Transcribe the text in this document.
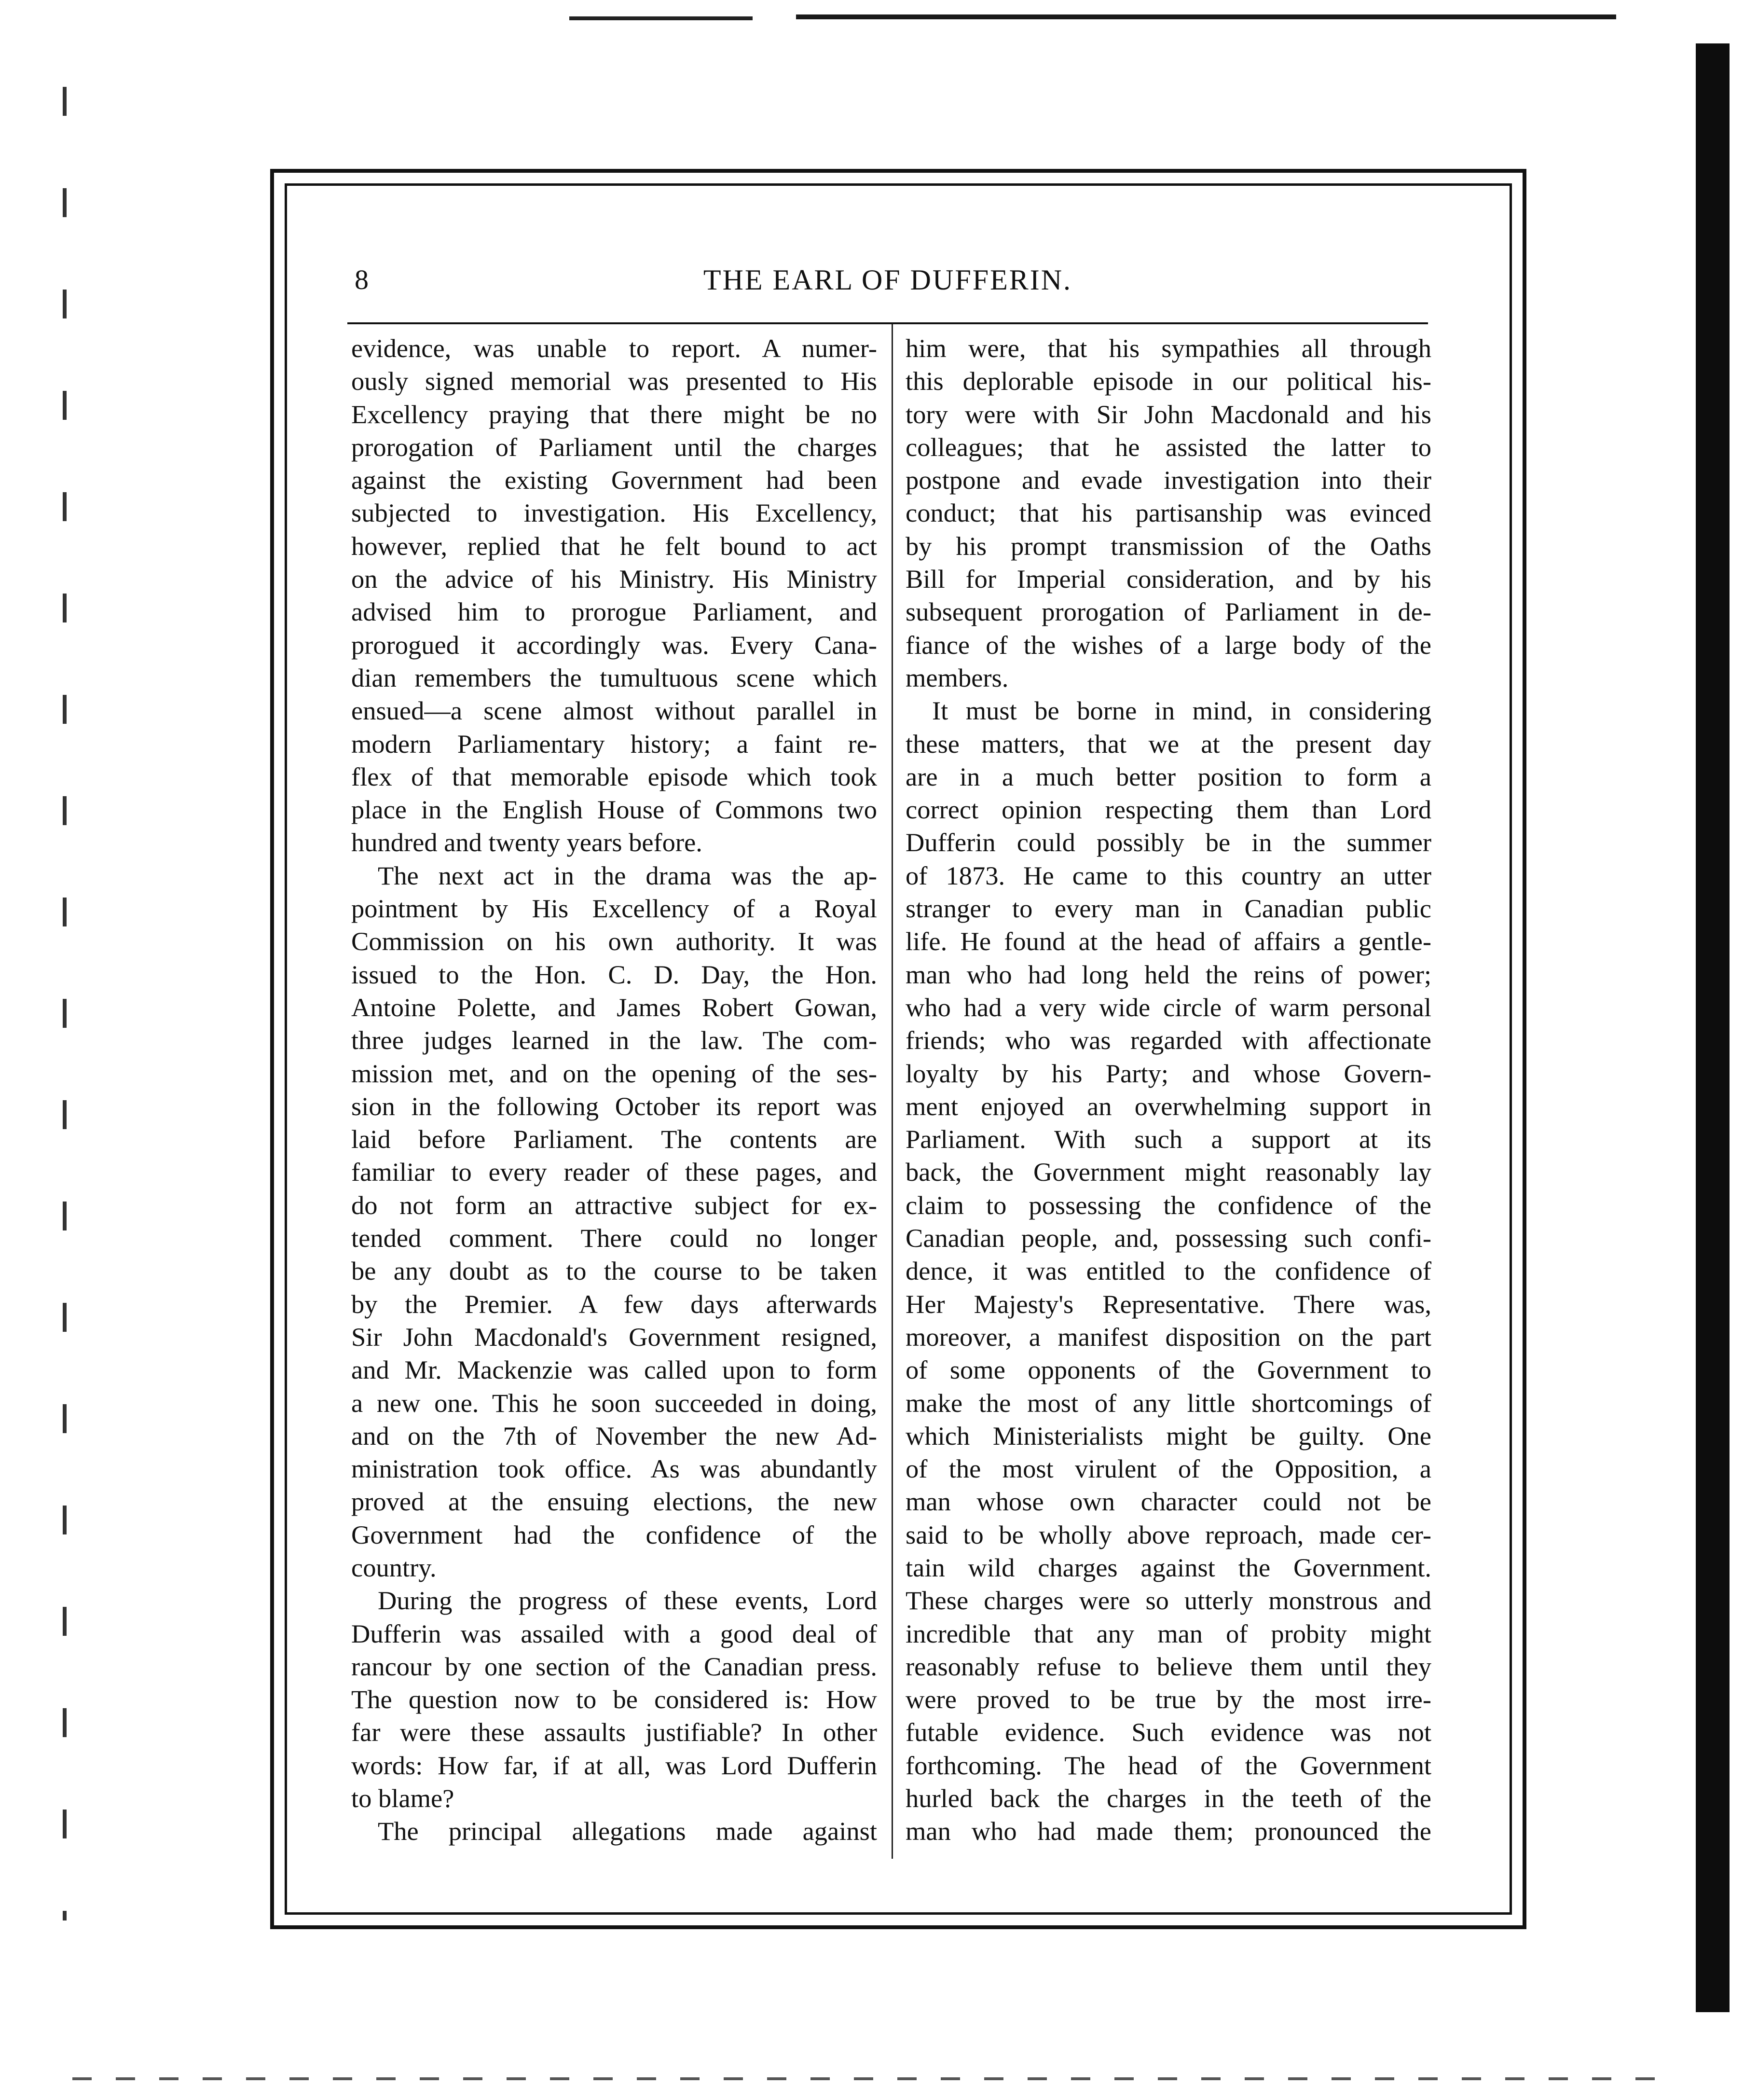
8	THE EARL OF DUFFERIN.
evidence, was unable to report. A numer-
ously signed memorial was presented to His
Excellency praying that there might be no
prorogation of Parliament until the charges
against the existing Government had been
subjected to investigation. His Excellency,
however, replied that he felt bound to act
on the advice of his Ministry. His Ministry
advised him to prorogue Parliament, and
prorogued it accordingly was. Every Cana-
dian remembers the tumultuous scene which
ensued—a scene almost without parallel in
modern Parliamentary history; a faint re-
flex of that memorable episode which took
place in the English House of Commons two
hundred and twenty years before.
The next act in the drama was the ap-
pointment by His Excellency of a Royal
Commission on his own authority. It was
issued to the Hon. C. D. Day, the Hon.
Antoine Polette, and James Robert Gowan,
three judges learned in the law. The com-
mission met, and on the opening of the ses-
sion in the following October its report was
laid before Parliament. The contents are
familiar to every reader of these pages, and
do not form an attractive subject for ex-
tended comment. There could no longer
be any doubt as to the course to be taken
by the Premier. A few days afterwards
Sir John Macdonald's Government resigned,
and Mr. Mackenzie was called upon to form
a new one. This he soon succeeded in doing,
and on the 7th of November the new Ad-
ministration took office. As was abundantly
proved at the ensuing elections, the new
Government had the confidence of the
country.
During the progress of these events, Lord
Dufferin was assailed with a good deal of
rancour by one section of the Canadian press.
The question now to be considered is: How
far were these assaults justifiable? In other
words: How far, if at all, was Lord Dufferin
to blame?
The principal allegations made against
him were, that his sympathies all through
this deplorable episode in our political his-
tory were with Sir John Macdonald and his
colleagues; that he assisted the latter to
postpone and evade investigation into their
conduct; that his partisanship was evinced
by his prompt transmission of the Oaths
Bill for Imperial consideration, and by his
subsequent prorogation of Parliament in de-
fiance of the wishes of a large body of the
members.
It must be borne in mind, in considering
these matters, that we at the present day
are in a much better position to form a
correct opinion respecting them than Lord
Dufferin could possibly be in the summer
of 1873. He came to this country an utter
stranger to every man in Canadian public
life. He found at the head of affairs a gentle-
man who had long held the reins of power;
who had a very wide circle of warm personal
friends; who was regarded with affectionate
loyalty by his Party; and whose Govern-
ment enjoyed an overwhelming support in
Parliament. With such a support at its
back, the Government might reasonably lay
claim to possessing the confidence of the
Canadian people, and, possessing such confi-
dence, it was entitled to the confidence of
Her Majesty's Representative. There was,
moreover, a manifest disposition on the part
of some opponents of the Government to
make the most of any little shortcomings of
which Ministerialists might be guilty. One
of the most virulent of the Opposition, a
man whose own character could not be
said to be wholly above reproach, made cer-
tain wild charges against the Government.
These charges were so utterly monstrous and
incredible that any man of probity might
reasonably refuse to believe them until they
were proved to be true by the most irre-
futable evidence. Such evidence was not
forthcoming. The head of the Government
hurled back the charges in the teeth of the
man who had made them; pronounced the
